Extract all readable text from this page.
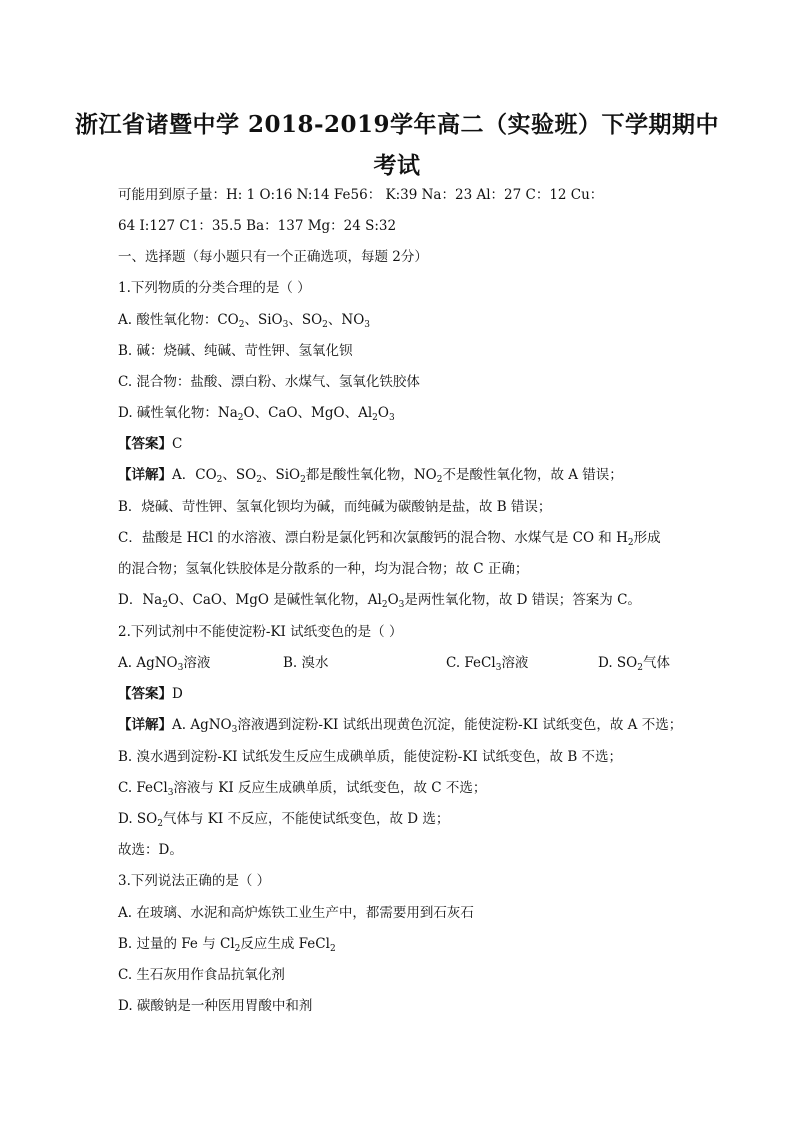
浙江省诸暨中学 2018-2019学年高二（实验班）下学期期中
考试
可能用到原子量：H: 1 O:16 N:14 Fe56： K:39 Na：23 Al：27 C：12 Cu：
64 I:127 C1：35.5 Ba：137 Mg：24 S:32
一、选择题（每小题只有一个正确选项，每题 2分）
1.下列物质的分类合理的是（ ）
A. 酸性氧化物：$CO_2$、SiO$_3$、$SO_2$、$NO_3$
B. 碱：烧碱、纯碱、苛性钾、氢氧化钡
C. 混合物：盐酸、漂白粉、水煤气、氢氧化铁胶体
D. 碱性氧化物：$Na_2O$、CaO、MgO、$Al_2O_3$
【答案】C
【详解】A．$CO_2$、$SO_2$、SiO$_2$都是酸性氧化物，$NO_2$不是酸性氧化物，故 A 错误；
B．烧碱、苛性钾、氢氧化钡均为碱，而纯碱为碳酸钠是盐，故 B 错误；
C．盐酸是 HCl 的水溶液、漂白粉是氯化钙和次氯酸钙的混合物、水煤气是 CO 和 $H_2$形成
的混合物；氢氧化铁胶体是分散系的一种，均为混合物；故 C 正确；
D．$Na_2O$、CaO、MgO 是碱性氧化物，$Al_2O_3$是两性氧化物，故 D 错误；答案为 C。
2.下列试剂中不能使淀粉-KI 试纸变色的是（ ）
A. AgNO$_3$溶液	B. 溴水	C. FeCl$_3$溶液	D. $SO_2$气体
【答案】D
【详解】A. AgNO$_3$溶液遇到淀粉-KI 试纸出现黄色沉淀，能使淀粉-KI 试纸变色，故 A 不选；
B. 溴水遇到淀粉-KI 试纸发生反应生成碘单质，能使淀粉-KI 试纸变色，故 B 不选；
C. FeCl$_3$溶液与 KI 反应生成碘单质，试纸变色，故 C 不选；
D. $SO_2$气体与 KI 不反应，不能使试纸变色，故 D 选；
故选：D。
3.下列说法正确的是（ ）
A. 在玻璃、水泥和高炉炼铁工业生产中，都需要用到石灰石
B. 过量的 Fe 与 $Cl_2$反应生成 FeCl$_2$
C. 生石灰用作食品抗氧化剂
D. 碳酸钠是一种医用胃酸中和剂
